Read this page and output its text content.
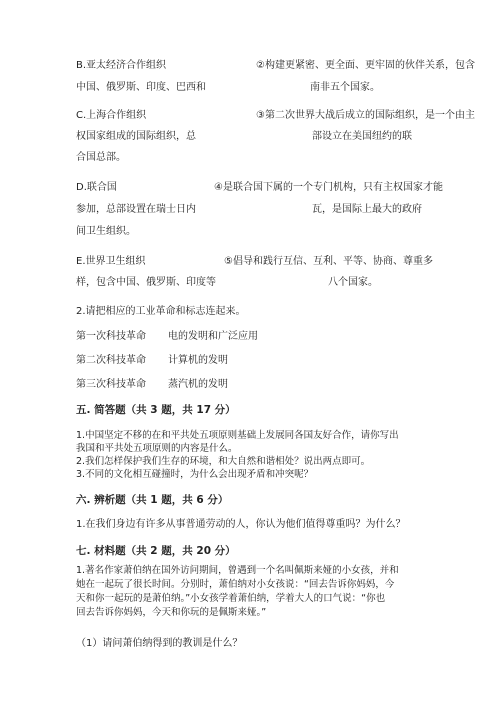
B.亚太经济合作组织	②构建更紧密、更全面、更牢固的伙伴关系，包含
中国、俄罗斯、印度、巴西和	南非五个国家。
C.上海合作组织	③第二次世界大战后成立的国际组织，是一个由主
权国家组成的国际组织，总	部设立在美国纽约的联
合国总部。
D.联合国	④是联合国下属的一个专门机构，只有主权国家才能
参加，总部设置在瑞士日内	瓦，是国际上最大的政府
间卫生组织。
E.世界卫生组织	⑤倡导和践行互信、互利、平等、协商、尊重多
样，包含中国、俄罗斯、印度等	八个国家。
2.请把相应的工业革命和标志连起来。
第一次科技革命 电的发明和广泛应用
第二次科技革命 计算机的发明
第三次科技革命 蒸汽机的发明
五. 简答题（共 3 题，共 17 分）
1.中国坚定不移的在和平共处五项原则基础上发展同各国友好合作，请你写出
我国和平共处五项原则的内容是什么。
2.我们怎样保护我们生存的环境，和大自然和谐相处？说出两点即可。
3.不同的文化相互碰撞时，为什么会出现矛盾和冲突呢？
六. 辨析题（共 1 题，共 6 分）
1.在我们身边有许多从事普通劳动的人，你认为他们值得尊重吗？为什么？
七. 材料题（共 2 题，共 20 分）
1.著名作家萧伯纳在国外访问期间，曾遇到一个名叫佩斯来娅的小女孩，并和
她在一起玩了很长时间。分别时，萧伯纳对小女孩说：“回去告诉你妈妈，今
天和你一起玩的是萧伯纳。”小女孩学着萧伯纳，学着大人的口气说：“你也
回去告诉你妈妈，今天和你玩的是佩斯来娅。”
（1）请问萧伯纳得到的教训是什么？
